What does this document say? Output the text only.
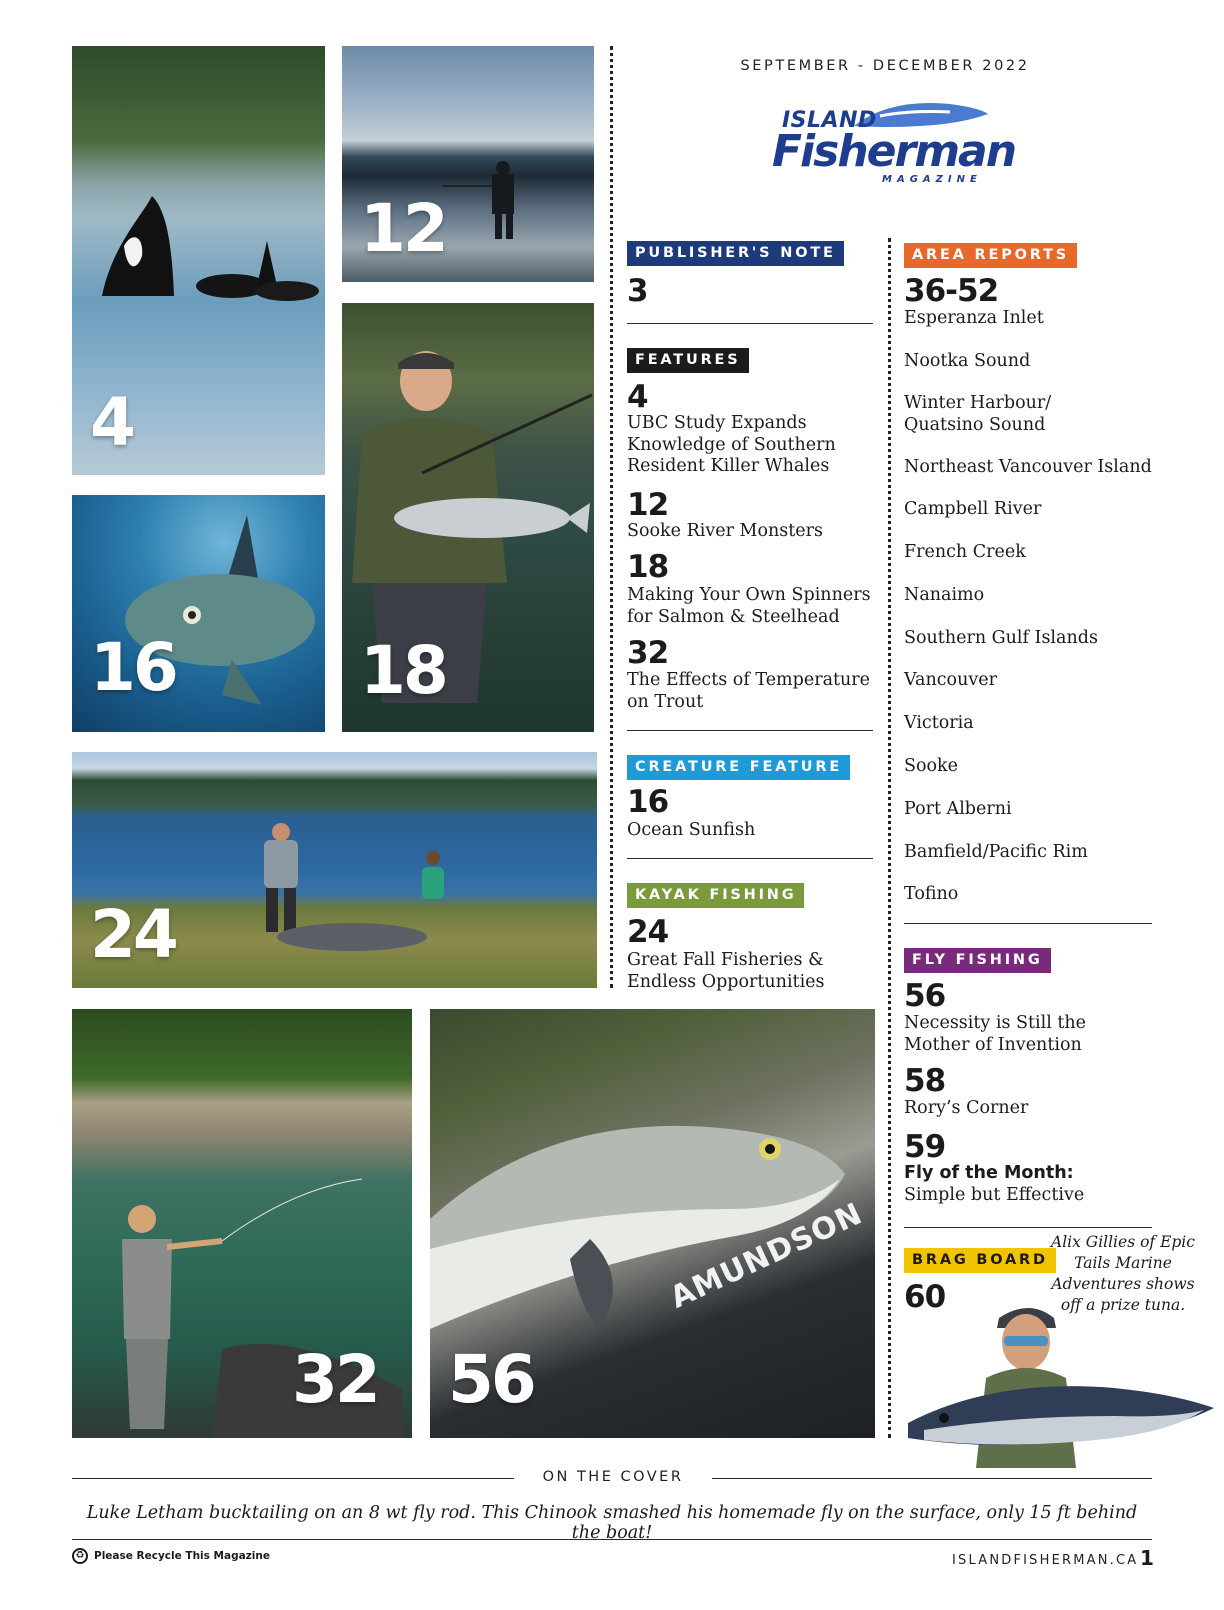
4
12
18
16
24
32
AMUNDSON
56
SEPTEMBER - DECEMBER 2022
ISLAND
Fisherman
MAGAZINE
PUBLISHER'S NOTE
3
FEATURES
4
UBC Study Expands Knowledge of Southern Resident Killer Whales
12
Sooke River Monsters
18
Making Your Own Spinners for Salmon & Steelhead
32
The Effects of Temperature on Trout
CREATURE FEATURE
16
Ocean Sunfish
KAYAK FISHING
24
Great Fall Fisheries & Endless Opportunities
AREA REPORTS
36-52
Esperanza Inlet
Nootka Sound
Winter Harbour/ Quatsino Sound
Northeast Vancouver Island
Campbell River
French Creek
Nanaimo
Southern Gulf Islands
Vancouver
Victoria
Sooke
Port Alberni
Bamfield/Pacific Rim
Tofino
FLY FISHING
56
Necessity is Still the Mother of Invention
58
Rory’s Corner
59
Fly of the Month:
Simple but Effective
BRAG BOARD
60
Alix Gillies of Epic Tails Marine Adventures shows off a prize tuna.
ON THE COVER
Luke Letham bucktailing on an 8 wt fly rod. This Chinook smashed his homemade fly on the surface, only 15 ft behind the boat!
♻ Please Recycle This Magazine	ISLANDFISHERMAN.CA 1
